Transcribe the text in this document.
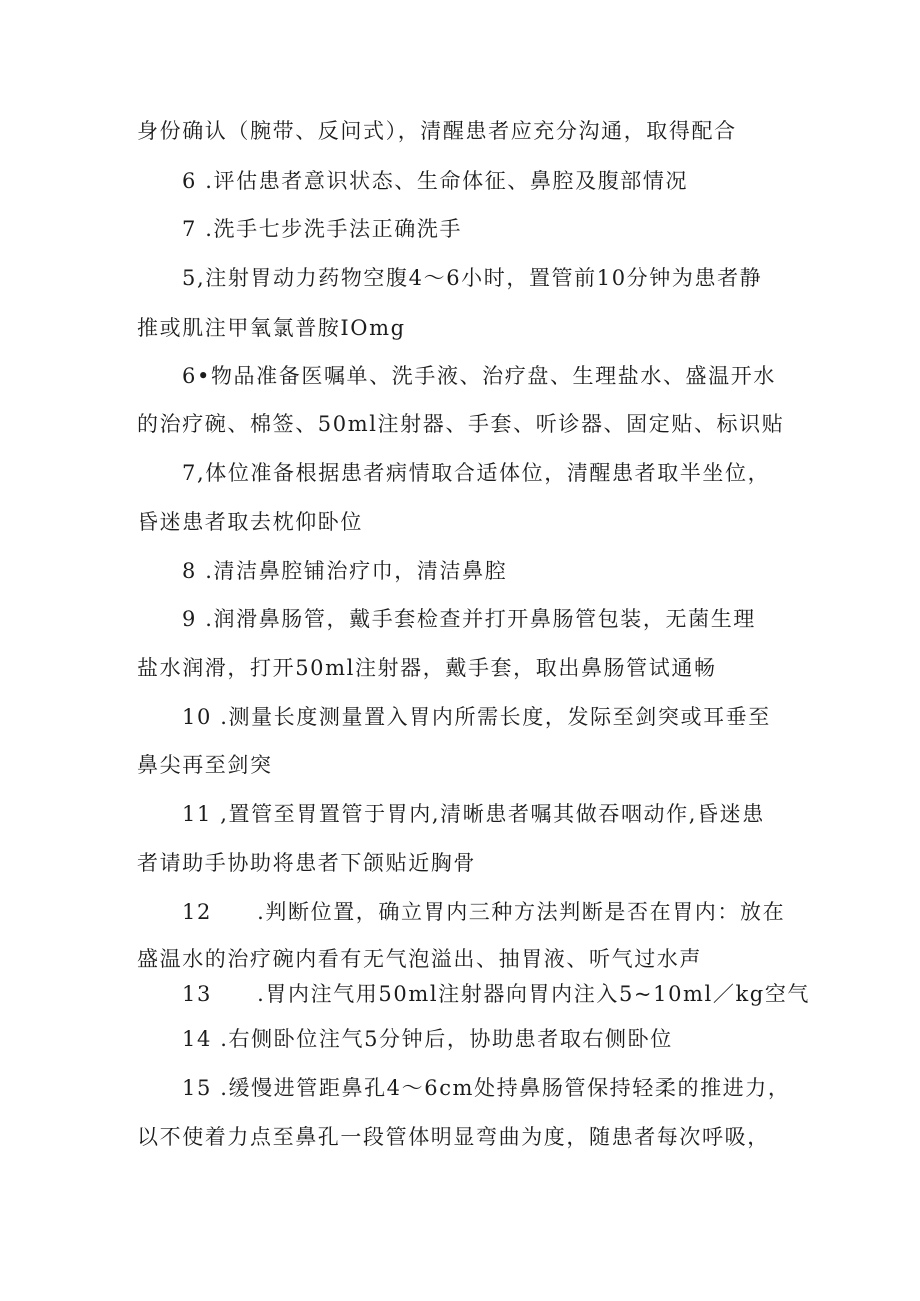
身份确认（腕带、反问式），清醒患者应充分沟通，取得配合
6 .评估患者意识状态、生命体征、鼻腔及腹部情况
7 .洗手七步洗手法正确洗手
5,注射胃动力药物空腹4～6小时，置管前10分钟为患者静
推或肌注甲氧氯普胺IOmg
6•物品准备医嘱单、洗手液、治疗盘、生理盐水、盛温开水
的治疗碗、棉签、50ml注射器、手套、听诊器、固定贴、标识贴
7,体位准备根据患者病情取合适体位，清醒患者取半坐位，
昏迷患者取去枕仰卧位
8 .清洁鼻腔铺治疗巾，清洁鼻腔
9 .润滑鼻肠管，戴手套检查并打开鼻肠管包装，无菌生理
盐水润滑，打开50ml注射器，戴手套，取出鼻肠管试通畅
10 .测量长度测量置入胃内所需长度，发际至剑突或耳垂至
鼻尖再至剑突
11 ,置管至胃置管于胃内,清晰患者嘱其做吞咽动作,昏迷患
者请助手协助将患者下颌贴近胸骨
12　　.判断位置，确立胃内三种方法判断是否在胃内：放在
盛温水的治疗碗内看有无气泡溢出、抽胃液、听气过水声
13　　.胃内注气用50ml注射器向胃内注入5~10ml／kg空气
14 .右侧卧位注气5分钟后，协助患者取右侧卧位
15 .缓慢进管距鼻孔4～6cm处持鼻肠管保持轻柔的推进力，
以不使着力点至鼻孔一段管体明显弯曲为度，随患者每次呼吸，
